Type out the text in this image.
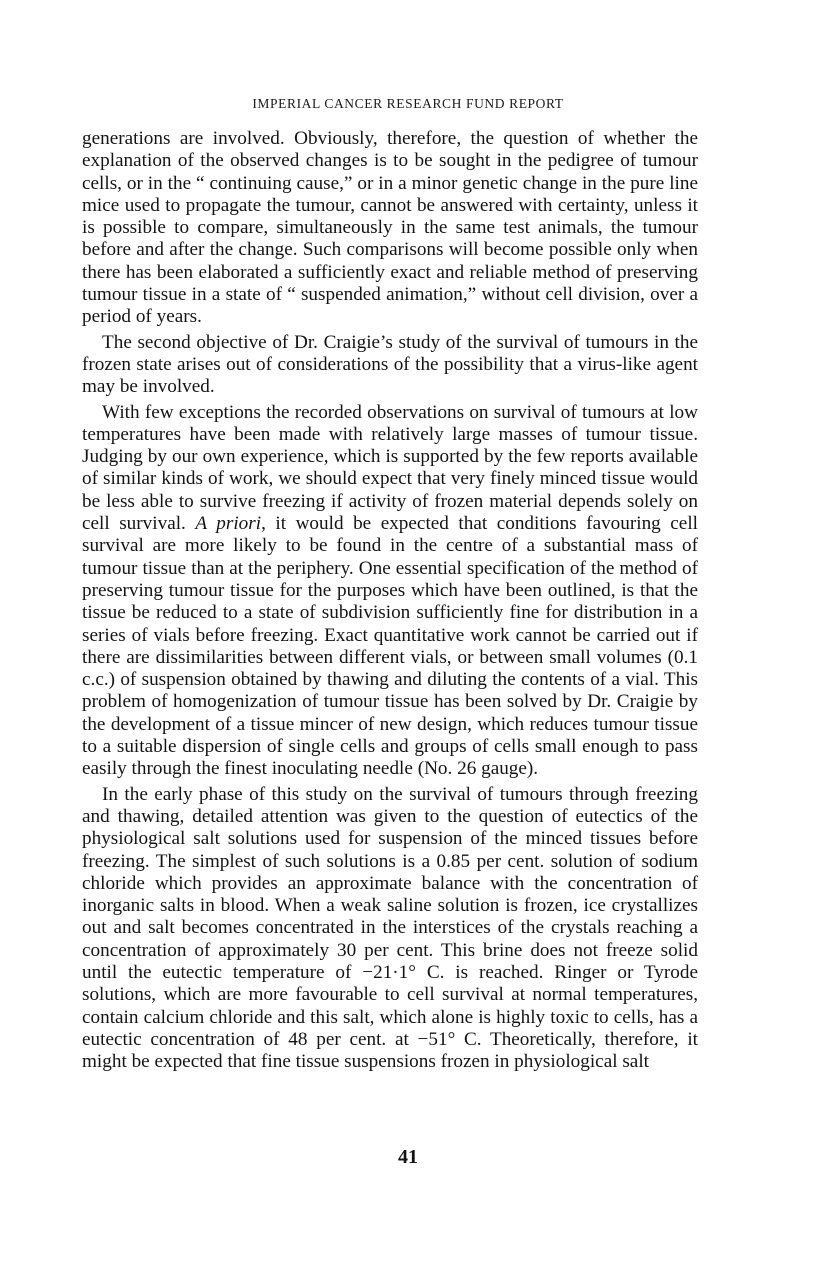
IMPERIAL CANCER RESEARCH FUND REPORT

generations are involved. Obviously, therefore, the question of whether the explanation of the observed changes is to be sought in the pedigree of tumour cells, or in the “ continuing cause,” or in a minor genetic change in the pure line mice used to propagate the tumour, cannot be answered with certainty, unless it is possible to compare, simultaneously in the same test animals, the tumour before and after the change. Such comparisons will become possible only when there has been elaborated a sufficiently exact and reliable method of preserving tumour tissue in a state of “ suspended animation,” without cell division, over a period of years.

The second objective of Dr. Craigie’s study of the survival of tumours in the frozen state arises out of considerations of the possibility that a virus-like agent may be involved.

With few exceptions the recorded observations on survival of tumours at low temperatures have been made with relatively large masses of tumour tissue. Judging by our own experience, which is supported by the few reports available of similar kinds of work, we should expect that very finely minced tissue would be less able to survive freezing if activity of frozen material depends solely on cell survival. A priori, it would be expected that conditions favouring cell survival are more likely to be found in the centre of a substantial mass of tumour tissue than at the periphery. One essential specification of the method of preserving tumour tissue for the purposes which have been outlined, is that the tissue be reduced to a state of subdivision sufficiently fine for distribution in a series of vials before freezing. Exact quantitative work cannot be carried out if there are dissimilarities between different vials, or between small volumes (0.1 c.c.) of suspension obtained by thawing and diluting the contents of a vial. This problem of homogenization of tumour tissue has been solved by Dr. Craigie by the development of a tissue mincer of new design, which reduces tumour tissue to a suitable dispersion of single cells and groups of cells small enough to pass easily through the finest inoculating needle (No. 26 gauge).

In the early phase of this study on the survival of tumours through freezing and thawing, detailed attention was given to the question of eutectics of the physiological salt solutions used for suspension of the minced tissues before freezing. The simplest of such solutions is a 0.85 per cent. solution of sodium chloride which provides an approximate balance with the concentration of inorganic salts in blood. When a weak saline solution is frozen, ice crystallizes out and salt becomes concentrated in the interstices of the crystals reaching a concentration of approximately 30 per cent. This brine does not freeze solid until the eutectic temperature of −21·1° C. is reached. Ringer or Tyrode solutions, which are more favourable to cell survival at normal temperatures, contain calcium chloride and this salt, which alone is highly toxic to cells, has a eutectic concentration of 48 per cent. at −51° C. Theoretically, therefore, it might be expected that fine tissue suspensions frozen in physiological salt

41
